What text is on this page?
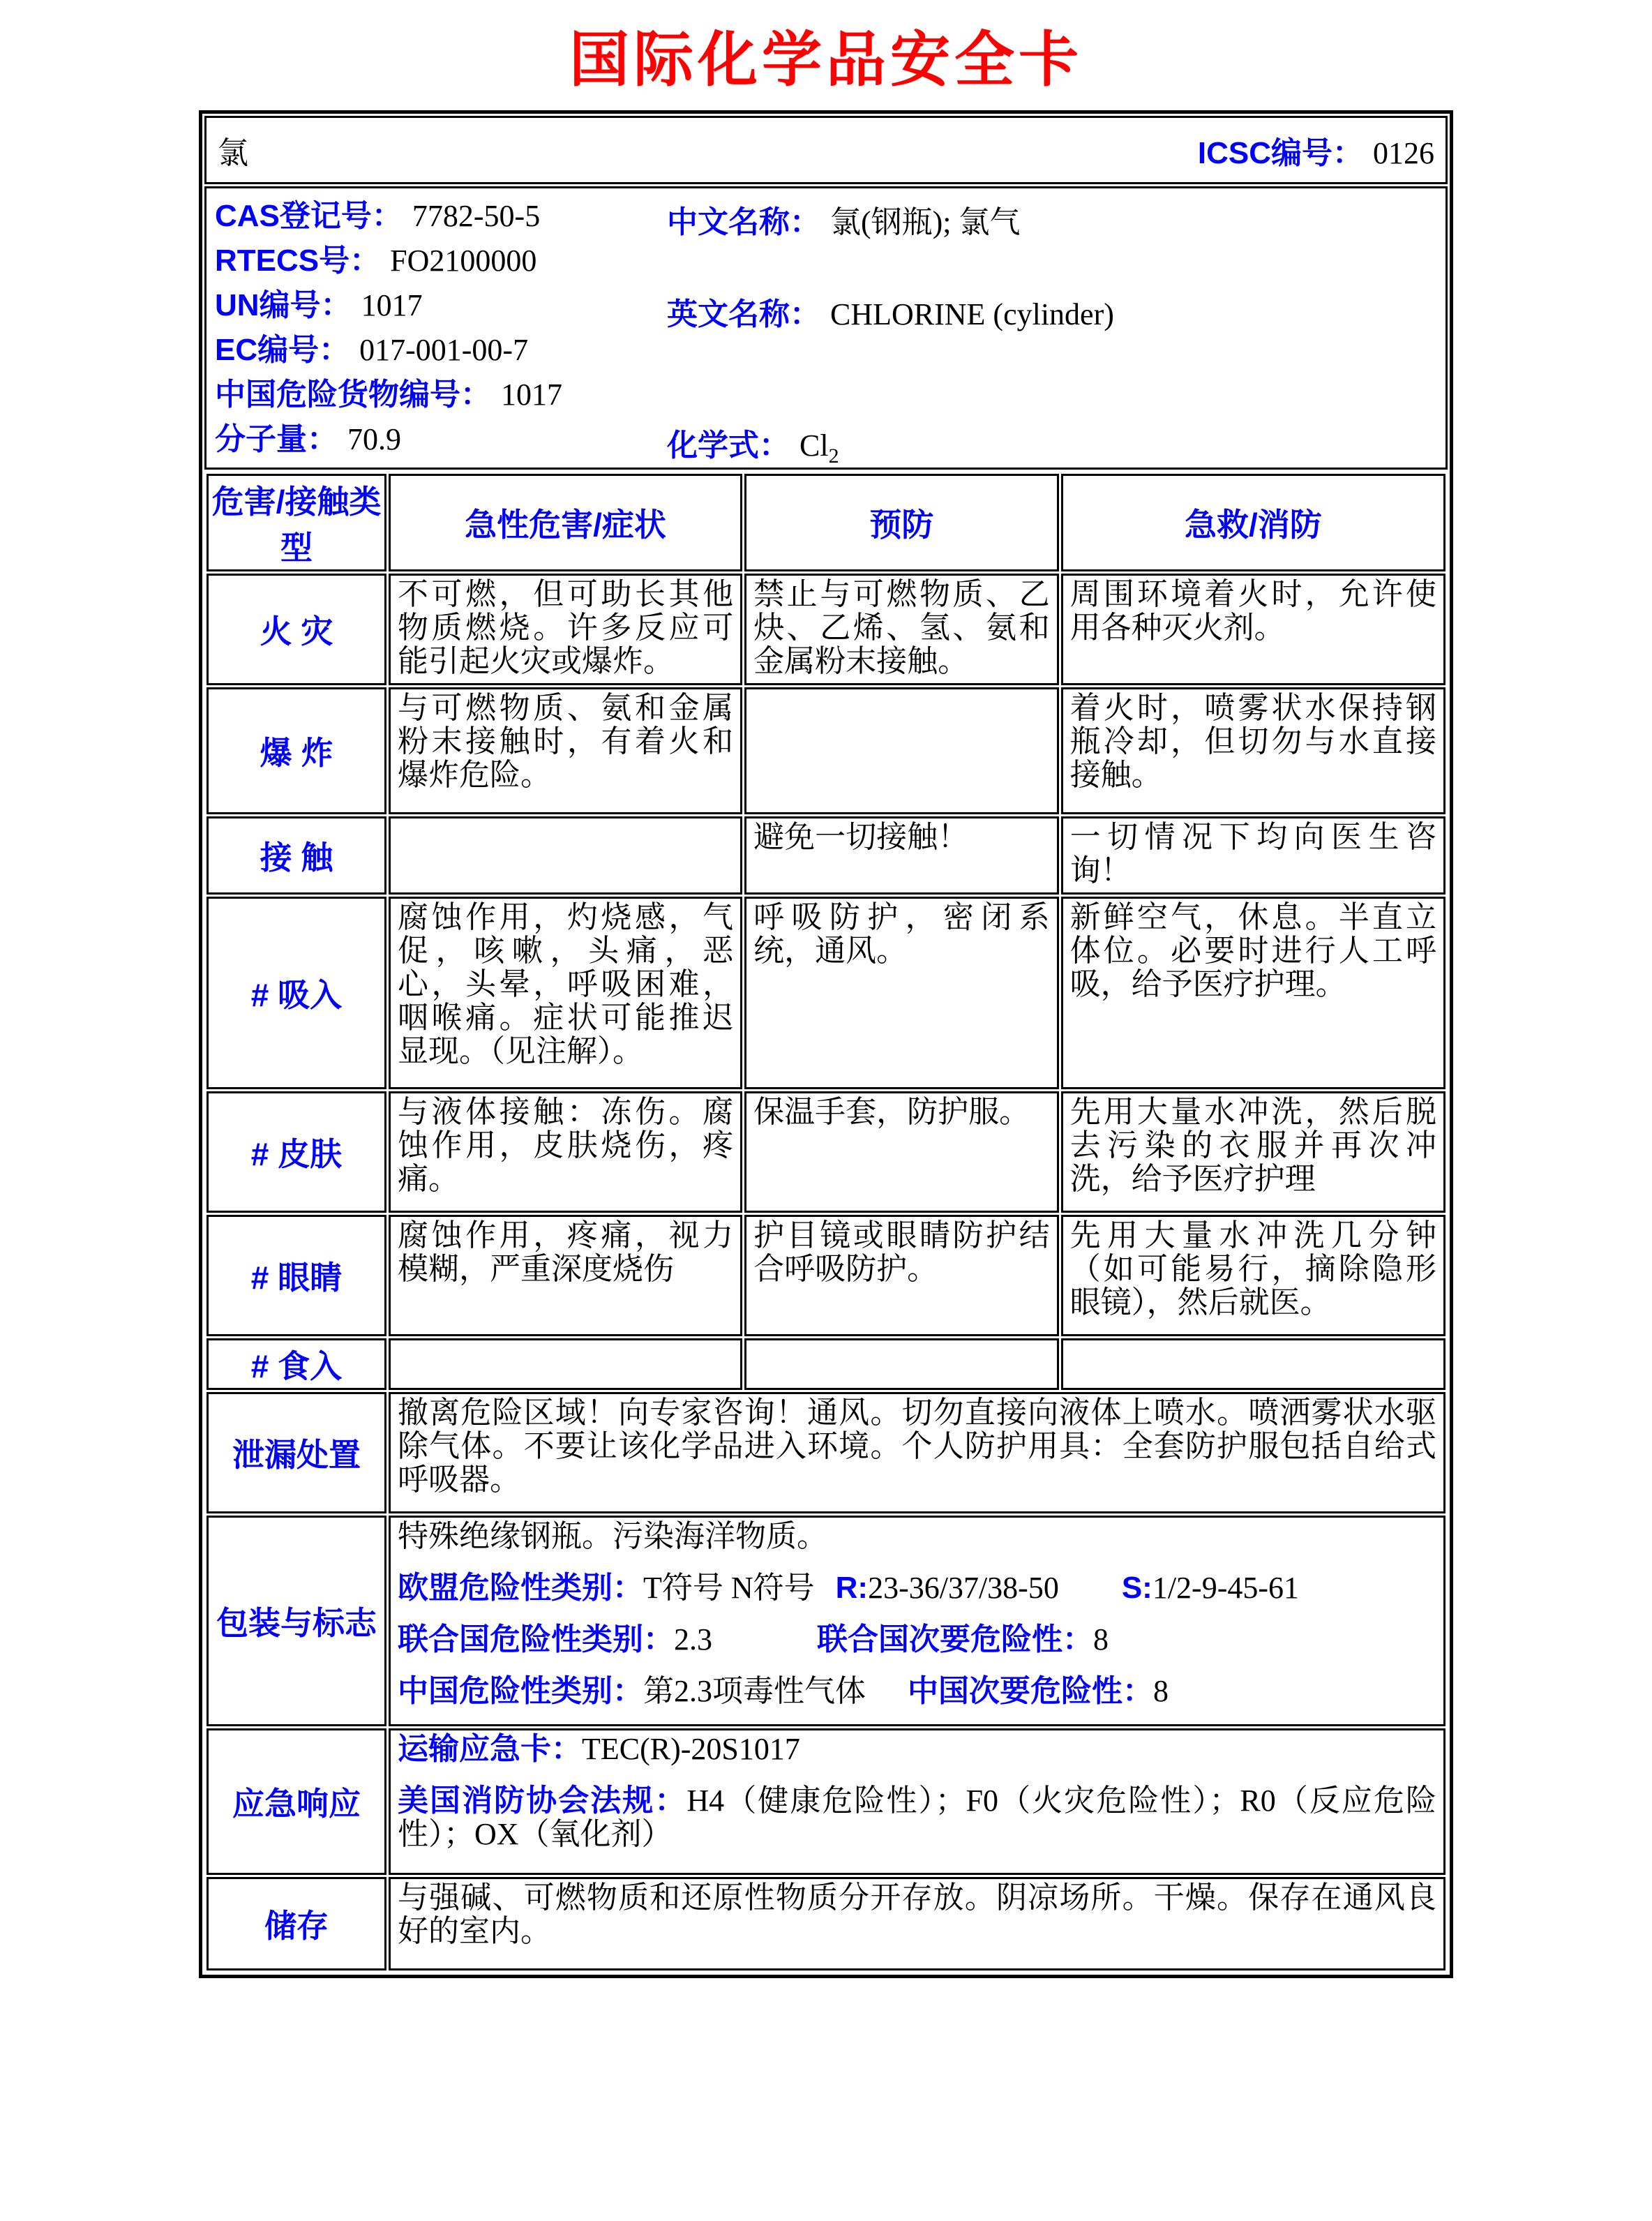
国际化学品安全卡
氯	ICSC编号： 0126
CAS登记号： 7782-50-5
RTECS号： FO2100000
UN编号： 1017
EC编号： 017-001-00-7
中国危险货物编号： 1017
分子量： 70.9
中文名称： 氯(钢瓶); 氯气
英文名称： CHLORINE (cylinder)
化学式： $Cl_2$
危害/接触类型	急性危害/症状	预防	急救/消防
火 灾	不可燃，但可助长其他物质燃烧。许多反应可能引起火灾或爆炸。	禁止与可燃物质、乙炔、乙烯、氢、氨和金属粉末接触。	周围环境着火时，允许使用各种灭火剂。
爆 炸	与可燃物质、氨和金属粉末接触时，有着火和爆炸危险。		着火时，喷雾状水保持钢瓶冷却，但切勿与水直接接触。
接 触		避免一切接触！	一切情况下均向医生咨询！
# 吸入	腐蚀作用，灼烧感，气促，咳嗽，头痛，恶心，头晕，呼吸困难，咽喉痛。症状可能推迟显现。（见注解）。	呼吸防护，密闭系统，通风。	新鲜空气，休息。半直立体位。必要时进行人工呼吸，给予医疗护理。
# 皮肤	与液体接触：冻伤。腐蚀作用，皮肤烧伤，疼痛。	保温手套，防护服。	先用大量水冲洗，然后脱去污染的衣服并再次冲洗，给予医疗护理
# 眼睛	腐蚀作用，疼痛，视力模糊，严重深度烧伤	护目镜或眼睛防护结合呼吸防护。	先用大量水冲洗几分钟（如可能易行，摘除隐形眼镜），然后就医。
# 食入			
泄漏处置	撤离危险区域！向专家咨询！通风。切勿直接向液体上喷水。喷洒雾状水驱除气体。不要让该化学品进入环境。个人防护用具：全套防护服包括自给式呼吸器。		
包装与标志	特殊绝缘钢瓶。污染海洋物质。
欧盟危险性类别：T符号 N符号 R:23-36/37/38-50 S:1/2-9-45-61
联合国危险性类别：2.3 联合国次要危险性：8
中国危险性类别：第2.3项毒性气体 中国次要危险性：8		

应急响应	运输应急卡：TEC(R)-20S1017
美国消防协会法规：H4（健康危险性）；F0（火灾危险性）；R0（反应危险性）；OX（氧化剂）		

储存	与强碱、可燃物质和还原性物质分开存放。阴凉场所。干燥。保存在通风良好的室内。		
